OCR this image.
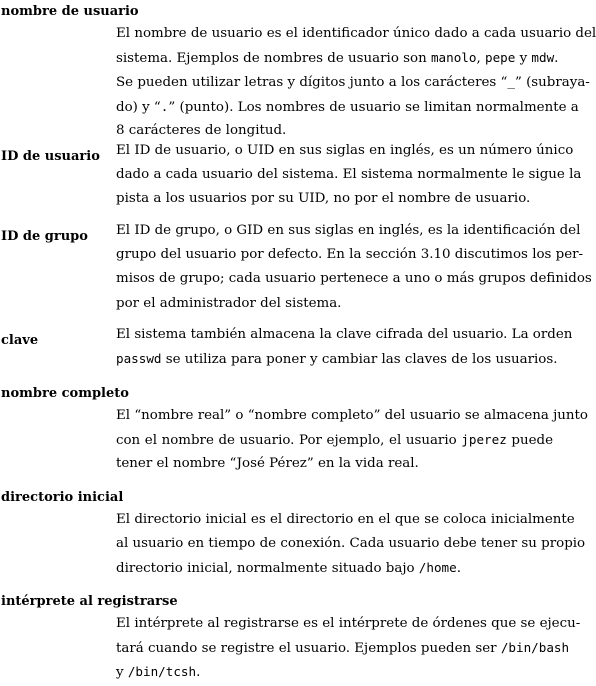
nombre de usuario
El nombre de usuario es el identificador único dado a cada usuario del
sistema. Ejemplos de nombres de usuario son manolo, pepe y mdw.
Se pueden utilizar letras y dígitos junto a los carácteres “_” (subraya-
do) y “.” (punto). Los nombres de usuario se limitan normalmente a
8 carácteres de longitud.
ID de usuario El ID de usuario, o UID en sus siglas en inglés, es un número único
dado a cada usuario del sistema. El sistema normalmente le sigue la
pista a los usuarios por su UID, no por el nombre de usuario.
ID de grupo El ID de grupo, o GID en sus siglas en inglés, es la identificación del
grupo del usuario por defecto. En la sección 3.10 discutimos los per-
misos de grupo; cada usuario pertenece a uno o más grupos definidos
por el administrador del sistema.
clave	El sistema también almacena la clave cifrada del usuario. La orden
passwd se utiliza para poner y cambiar las claves de los usuarios.
nombre completo
El “nombre real” o “nombre completo” del usuario se almacena junto
con el nombre de usuario. Por ejemplo, el usuario jperez puede
tener el nombre “José Pérez” en la vida real.
directorio inicial
El directorio inicial es el directorio en el que se coloca inicialmente
al usuario en tiempo de conexión. Cada usuario debe tener su propio
directorio inicial, normalmente situado bajo /home.
intérprete al registrarse
El intérprete al registrarse es el intérprete de órdenes que se ejecu-
tará cuando se registre el usuario. Ejemplos pueden ser /bin/bash
y /bin/tcsh.
